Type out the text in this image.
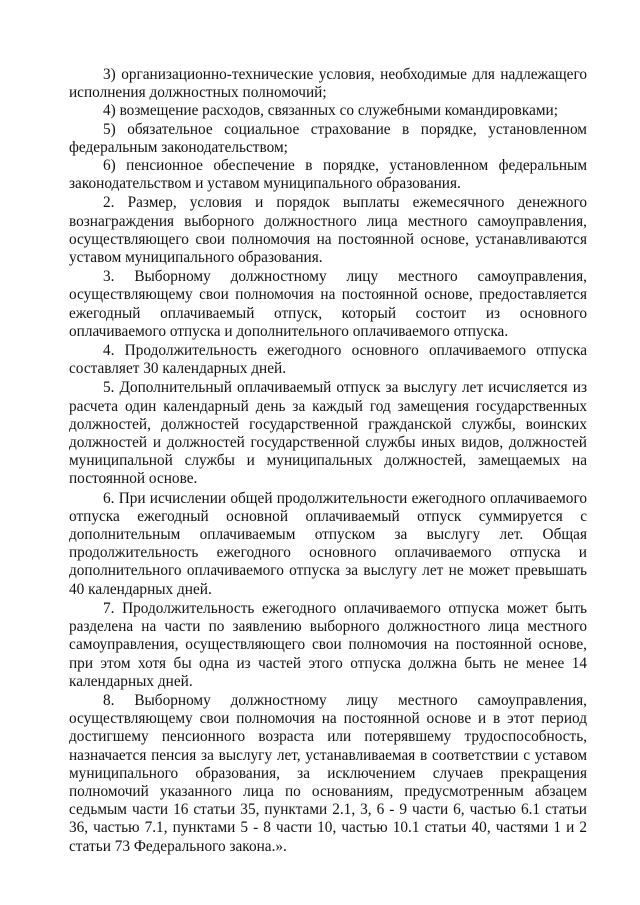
3) организационно-технические условия, необходимые для надлежащего исполнения должностных полномочий;

4) возмещение расходов, связанных со служебными командировками;

5) обязательное социальное страхование в порядке, установленном федеральным законодательством;

6) пенсионное обеспечение в порядке, установленном федеральным законодательством и уставом муниципального образования.

2. Размер, условия и порядок выплаты ежемесячного денежного вознаграждения выборного должностного лица местного самоуправления, осуществляющего свои полномочия на постоянной основе, устанавливаются уставом муниципального образования.

3. Выборному должностному лицу местного самоуправления, осуществляющему свои полномочия на постоянной основе, предоставляется ежегодный оплачиваемый отпуск, который состоит из основного оплачиваемого отпуска и дополнительного оплачиваемого отпуска.

4. Продолжительность ежегодного основного оплачиваемого отпуска составляет 30 календарных дней.

5. Дополнительный оплачиваемый отпуск за выслугу лет исчисляется из расчета один календарный день за каждый год замещения государственных должностей, должностей государственной гражданской службы, воинских должностей и должностей государственной службы иных видов, должностей муниципальной службы и муниципальных должностей, замещаемых на постоянной основе.

6. При исчислении общей продолжительности ежегодного оплачиваемого отпуска ежегодный основной оплачиваемый отпуск суммируется с дополнительным оплачиваемым отпуском за выслугу лет. Общая продолжительность ежегодного основного оплачиваемого отпуска и дополнительного оплачиваемого отпуска за выслугу лет не может превышать 40 календарных дней.

7. Продолжительность ежегодного оплачиваемого отпуска может быть разделена на части по заявлению выборного должностного лица местного самоуправления, осуществляющего свои полномочия на постоянной основе, при этом хотя бы одна из частей этого отпуска должна быть не менее 14 календарных дней.

8. Выборному должностному лицу местного самоуправления, осуществляющему свои полномочия на постоянной основе и в этот период достигшему пенсионного возраста или потерявшему трудоспособность, назначается пенсия за выслугу лет, устанавливаемая в соответствии с уставом муниципального образования, за исключением случаев прекращения полномочий указанного лица по основаниям, предусмотренным абзацем седьмым части 16 статьи 35, пунктами 2.1, 3, 6 - 9 части 6, частью 6.1 статьи 36, частью 7.1, пунктами 5 - 8 части 10, частью 10.1 статьи 40, частями 1 и 2 статьи 73 Федерального закона.».
